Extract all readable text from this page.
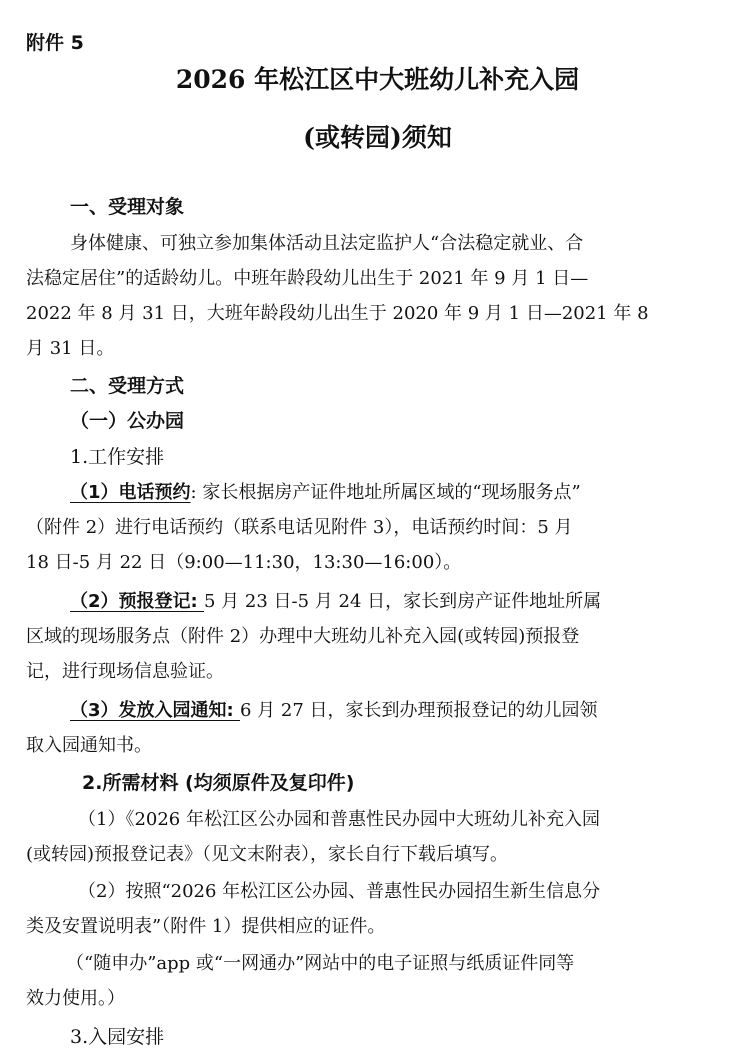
附件 5
2026 年松江区中大班幼儿补充入园
(或转园)须知
一、受理对象
身体健康、可独立参加集体活动且法定监护人“合法稳定就业、合
法稳定居住”的适龄幼儿。中班年龄段幼儿出生于 2021 年 9 月 1 日—
2022 年 8 月 31 日，大班年龄段幼儿出生于 2020 年 9 月 1 日—2021 年 8
月 31 日。
二、受理方式
（一）公办园
1.工作安排
（1）电话预约: 家长根据房产证件地址所属区域的“现场服务点”
（附件 2）进行电话预约（联系电话见附件 3），电话预约时间：5 月
18 日-5 月 22 日（9:00—11:30，13:30—16:00）。
（2）预报登记: 5 月 23 日-5 月 24 日，家长到房产证件地址所属
区域的现场服务点（附件 2）办理中大班幼儿补充入园(或转园)预报登
记，进行现场信息验证。
（3）发放入园通知: 6 月 27 日，家长到办理预报登记的幼儿园领
取入园通知书。
2.所需材料 (均须原件及复印件)
（1）《2026 年松江区公办园和普惠性民办园中大班幼儿补充入园
(或转园)预报登记表》（见文末附表），家长自行下载后填写。
（2）按照“2026 年松江区公办园、普惠性民办园招生新生信息分
类及安置说明表”（附件 1）提供相应的证件。
（“随申办”app 或“一网通办”网站中的电子证照与纸质证件同等
效力使用。）
3.入园安排
